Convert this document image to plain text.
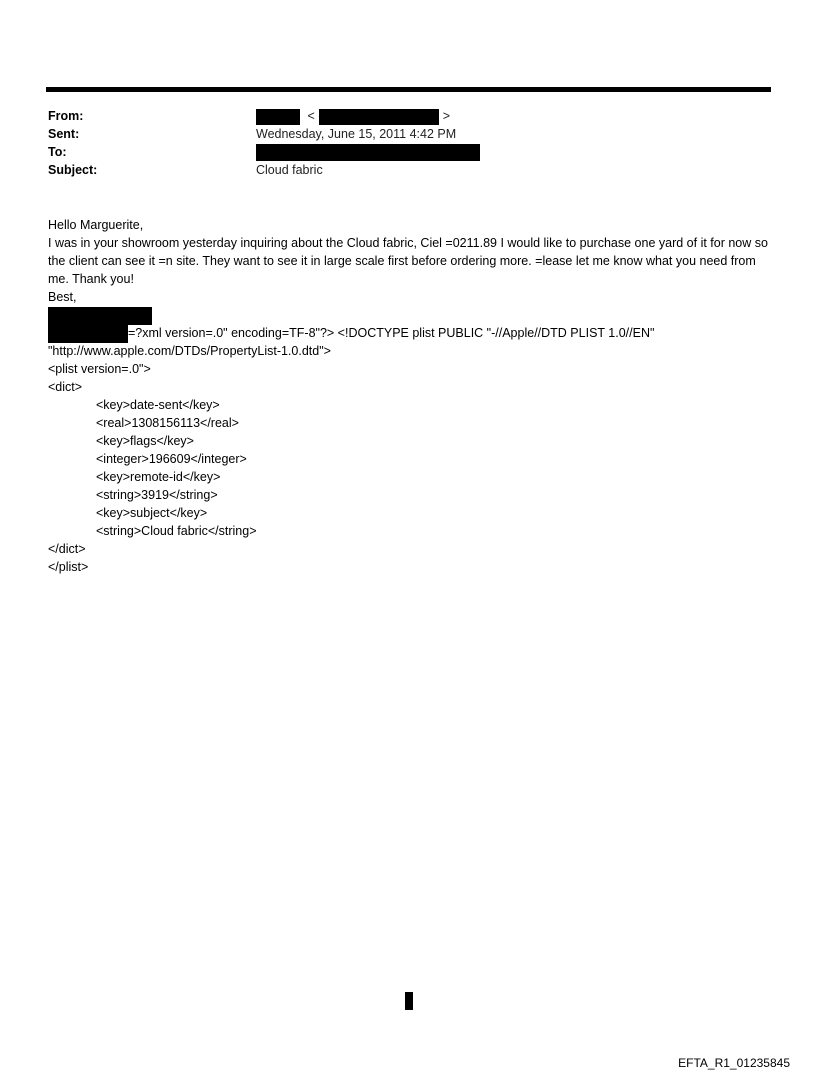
From:	<	>
Sent:	Wednesday, June 15, 2011 4:42 PM
To:
Subject:	Cloud fabric

Hello Marguerite,

I was in your showroom yesterday inquiring about the Cloud fabric, Ciel =0211.89 I would like to purchase one yard of it for now so the client can see it =n site. They want to see it in large scale first before ordering more. =lease let me know what you need from me. Thank you!

Best,

=?xml version=.0" encoding=TF-8"?> <!DOCTYPE plist PUBLIC "-//Apple//DTD PLIST 1.0//EN"
"http://www.apple.com/DTDs/PropertyList-1.0.dtd">
<plist version=.0">
<dict>
<key>date-sent</key>
<real>1308156113</real>
<key>flags</key>
<integer>196609</integer>
<key>remote-id</key>
<string>3919</string>
<key>subject</key>
<string>Cloud fabric</string>
</dict>
</plist>
EFTA_R1_01235845
